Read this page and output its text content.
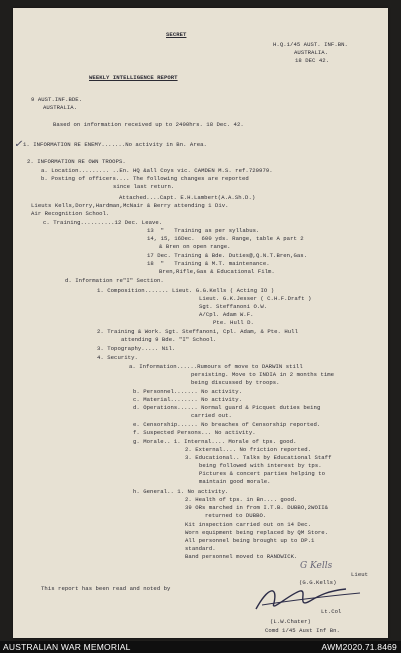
SECRET
H.Q.1/45 AUST. INF.BN.
AUSTRALIA.
18 DEC 42.
WEEKLY INTELLIGENCE REPORT
9 AUST.INF.BDE.
AUSTRALIA.
Based on information received up to 2400hrs. 18 Dec. 42.
✓ 1. INFORMATION RE ENEMY.......No activity in Bn. Area.
2. INFORMATION RE OWN TROOPS.
a. Location......... ..En. HQ &all Coys vic. CAMDEN M.S. ref.720979.
b. Posting of officers.... The following changes are reported
since last return.
Attached....Capt. E.H.Lambert(A.A.Sh.D.)
Lieuts Kells,Dorry,Hardman,McNair & Berry attending 1 Div.
Air Recognition School.
c. Training..........12 Dec. Leave.
13  "   Training as per syllabus.
14, 15, 16Dec.  600 yds. Range, table A part 2
& Bren on open range.
17 Dec. Training & Bde. Duties@,Q.N.T.Bren,Gas.
18  "   Training & M.T. maintenance.
Bren,Rifle,Gas & Educational Film.
d. Information re"I" Section.
1. Composition....... Lieut. G.G.Kells ( Acting IO )
Lieut. G.K.Jesser ( C.H.F.Draft )
Sgt. Steffanoni O.W.
A/Cpl. Adam W.F.
Pte. Hull D.
2. Training & Work. Sgt. Steffanoni, Cpl. Adam, & Pte. Hull
attending 9 Bde. "I" School.
3. Topography..... Nil.
4. Security.
a. Information......Rumours of move to DARWIN still
persisting. Move to INDIA in 2 months time
being discussed by troops.
b. Personnel....... No activity.
c. Material........ No activity.
d. Operations...... Normal guard & Picquet duties being
carried out.
e. Censorship...... No breaches of Censorship reported.
f. Suspected Persons... No activity.
g. Morale.. 1. Internal.... Morale of tps. good.
2. External.... No friction reported.
3. Educational.. Talks by Educational Staff
being followed with interest by tps.
Pictures & concert parties helping to
maintain good morale.
h. General.. 1. No activity.
2. Health of tps. in Bn.... good.
39 ORs marched in from I.T.B. DUBBO,2WOII&
returned to DUBBO.
Kit inspection carried out on 14 Dec.
Worn equipment being replaced by QM Store.
All personnel being brought up to DP.1
standard.
Band personnel moved to RANDWICK.
G Kells
Lieut
(G.G.Kells)
This report has been read and noted by
Lt.Col
(L.W.Chater)
Comd 1/45 Aust Inf Bn.
AUSTRALIAN WAR MEMORIAL	AWM2020.71.8469
